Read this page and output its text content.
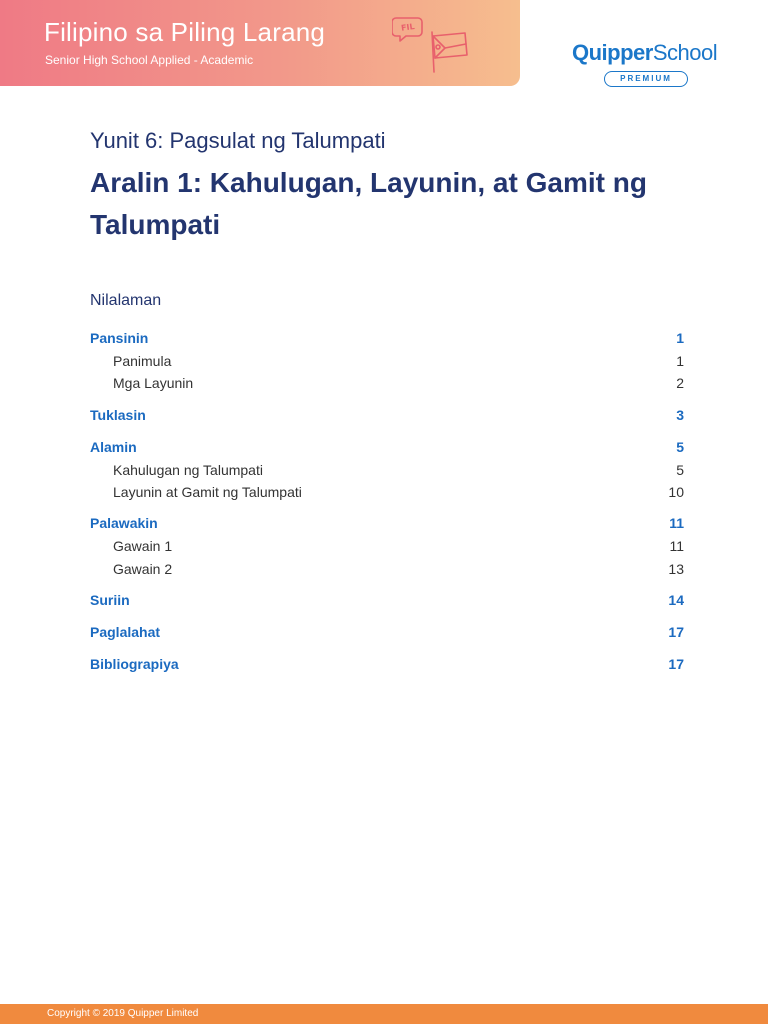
Filipino sa Piling Larang
Senior High School Applied - Academic
FIL
QuipperSchool
PREMIUM
Yunit 6: Pagsulat ng Talumpati
Aralin 1: Kahulugan, Layunin, at Gamit ng Talumpati
Nilalaman
Pansinin	1
Panimula	1
Mga Layunin	2
Tuklasin	3
Alamin	5
Kahulugan ng Talumpati	5
Layunin at Gamit ng Talumpati	10
Palawakin	11
Gawain 1	11
Gawain 2	13
Suriin	14
Paglalahat	17
Bibliograpiya	17
Copyright © 2019 Quipper Limited
